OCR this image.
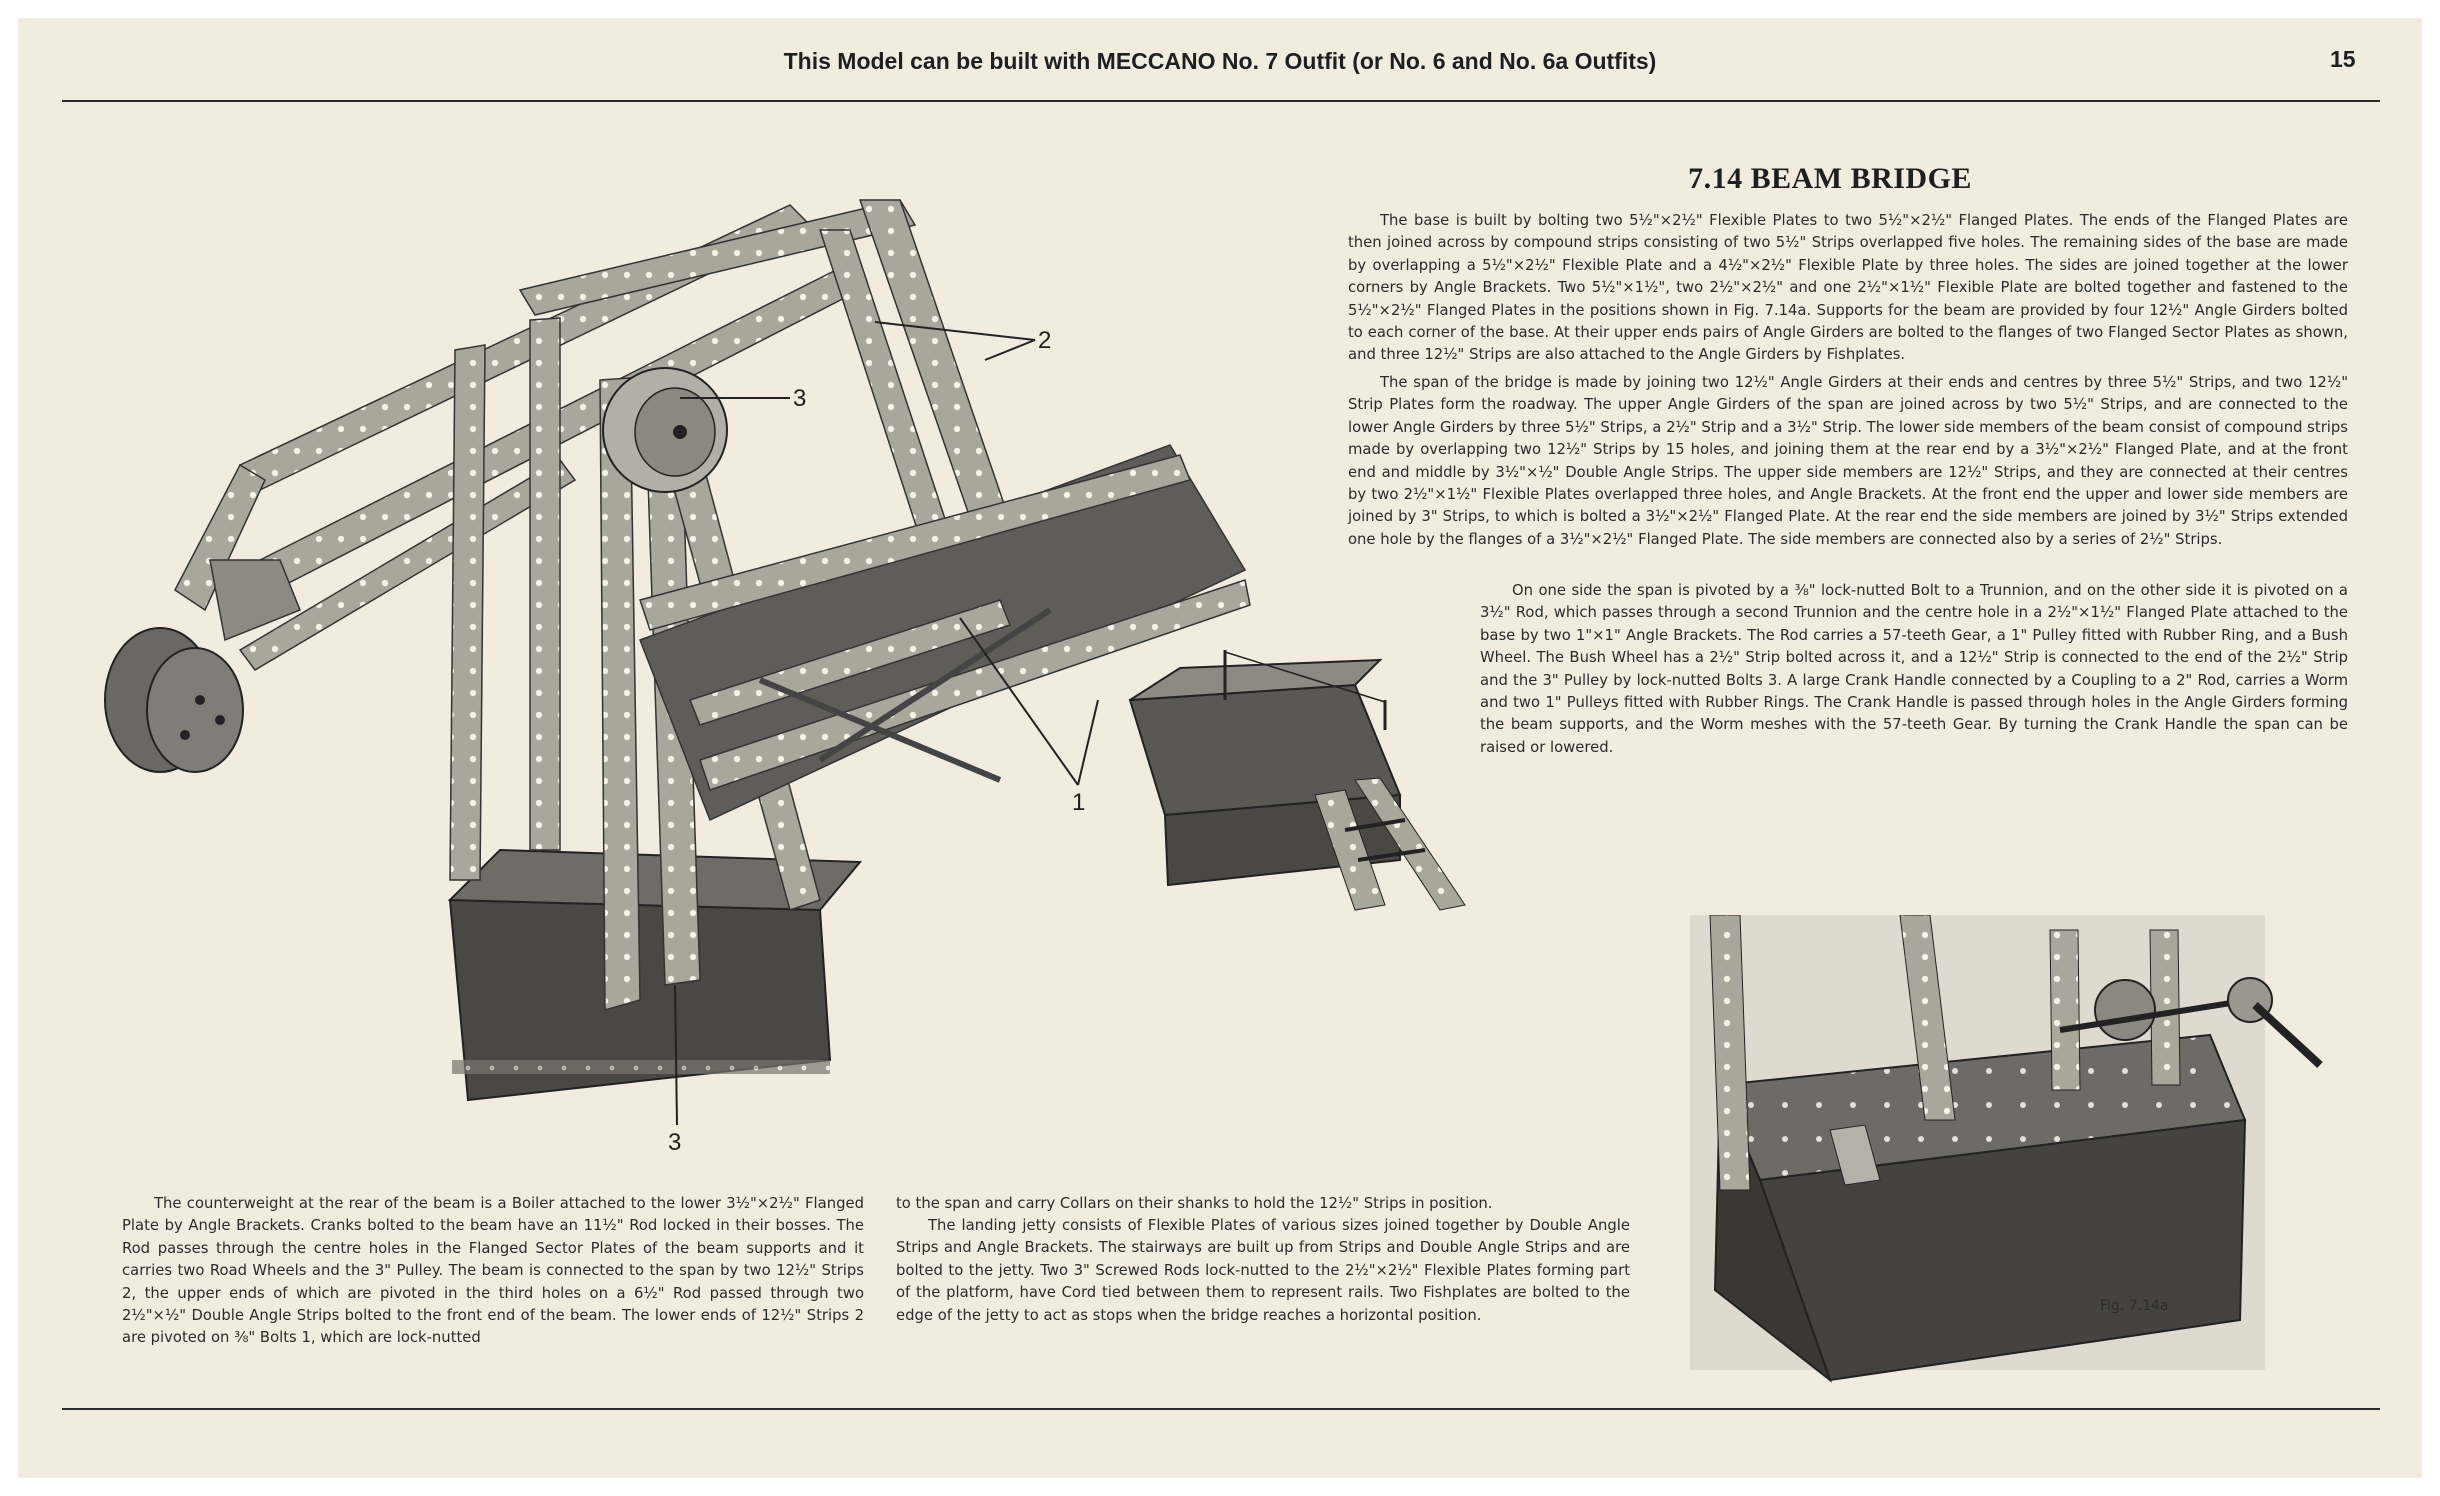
This Model can be built with MECCANO No. 7 Outfit (or No. 6 and No. 6a Outfits)	15
7.14 BEAM BRIDGE

The base is built by bolting two 5½"×2½" Flexible Plates to two 5½"×2½" Flanged Plates. The ends of the Flanged Plates are then joined across by compound strips consisting of two 5½" Strips overlapped five holes. The remaining sides of the base are made by overlapping a 5½"×2½" Flexible Plate and a 4½"×2½" Flexible Plate by three holes. The sides are joined together at the lower corners by Angle Brackets. Two 5½"×1½", two 2½"×2½" and one 2½"×1½" Flexible Plate are bolted together and fastened to the 5½"×2½" Flanged Plates in the positions shown in Fig. 7.14a. Supports for the beam are provided by four 12½" Angle Girders bolted to each corner of the base. At their upper ends pairs of Angle Girders are bolted to the flanges of two Flanged Sector Plates as shown, and three 12½" Strips are also attached to the Angle Girders by Fishplates.

The span of the bridge is made by joining two 12½" Angle Girders at their ends and centres by three 5½" Strips, and two 12½" Strip Plates form the roadway. The upper Angle Girders of the span are joined across by two 5½" Strips, and are connected to the lower Angle Girders by three 5½" Strips, a 2½" Strip and a 3½" Strip. The lower side members of the beam consist of compound strips made by overlapping two 12½" Strips by 15 holes, and joining them at the rear end by a 3½"×2½" Flanged Plate, and at the front end and middle by 3½"×½" Double Angle Strips. The upper side members are 12½" Strips, and they are connected at their centres by two 2½"×1½" Flexible Plates overlapped three holes, and Angle Brackets. At the front end the upper and lower side members are joined by 3" Strips, to which is bolted a 3½"×2½" Flanged Plate. At the rear end the side members are joined by 3½" Strips extended one hole by the flanges of a 3½"×2½" Flanged Plate. The side members are connected also by a series of 2½" Strips.

On one side the span is pivoted by a ⅜" lock-nutted Bolt to a Trunnion, and on the other side it is pivoted on a 3½" Rod, which passes through a second Trunnion and the centre hole in a 2½"×1½" Flanged Plate attached to the base by two 1"×1" Angle Brackets. The Rod carries a 57-teeth Gear, a 1" Pulley fitted with Rubber Ring, and a Bush Wheel. The Bush Wheel has a 2½" Strip bolted across it, and a 12½" Strip is connected to the end of the 2½" Strip and the 3" Pulley by lock-nutted Bolts 3. A large Crank Handle connected by a Coupling to a 2" Rod, carries a Worm and two 1" Pulleys fitted with Rubber Rings. The Crank Handle is passed through holes in the Angle Girders forming the beam supports, and the Worm meshes with the 57-teeth Gear. By turning the Crank Handle the span can be raised or lowered.

The counterweight at the rear of the beam is a Boiler attached to the lower 3½"×2½" Flanged Plate by Angle Brackets. Cranks bolted to the beam have an 11½" Rod locked in their bosses. The Rod passes through the centre holes in the Flanged Sector Plates of the beam supports and it carries two Road Wheels and the 3" Pulley. The beam is connected to the span by two 12½" Strips 2, the upper ends of which are pivoted in the third holes on a 6½" Rod passed through two 2½"×½" Double Angle Strips bolted to the front end of the beam. The lower ends of 12½" Strips 2 are pivoted on ⅜" Bolts 1, which are lock-nutted

to the span and carry Collars on their shanks to hold the 12½" Strips in position.

The landing jetty consists of Flexible Plates of various sizes joined together by Double Angle Strips and Angle Brackets. The stairways are built up from Strips and Double Angle Strips and are bolted to the jetty. Two 3" Screwed Rods lock-nutted to the 2½"×2½" Flexible Plates forming part of the platform, have Cord tied between them to represent rails. Two Fishplates are bolted to the edge of the jetty to act as stops when the bridge reaches a horizontal position.

2
3
3
1
Fig. 7.14a
